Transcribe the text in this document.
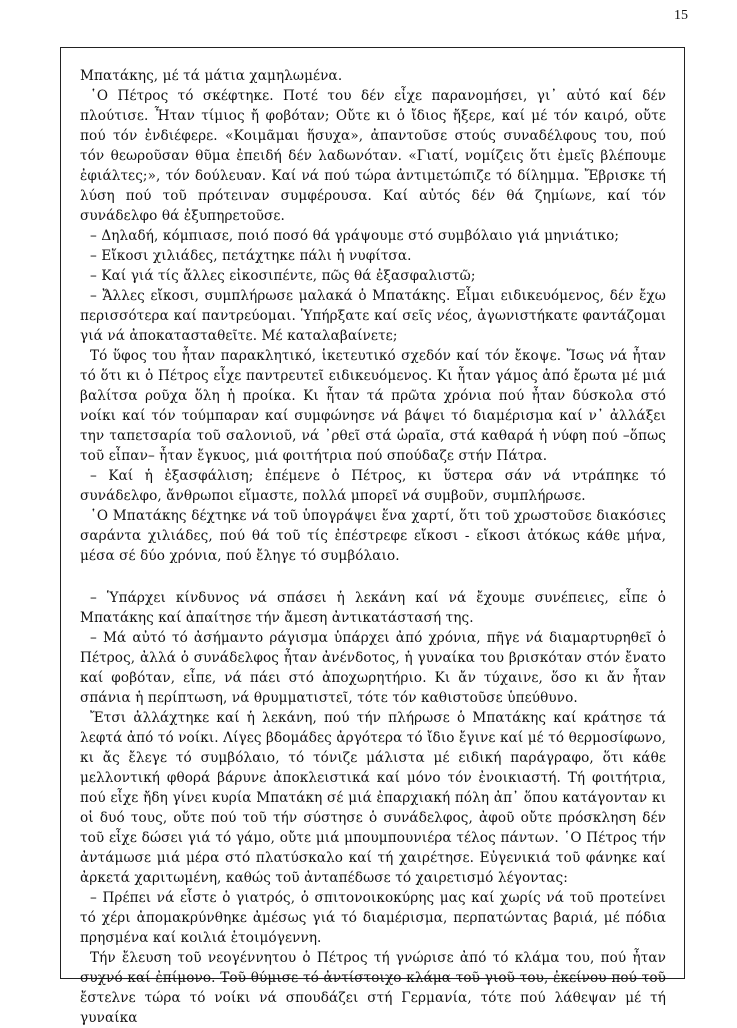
15

Μπατάκης, μέ τά μάτια χαμηλωμένα.

῾Ο Πέτρος τό σκέφτηκε. Ποτέ του δέν εἶχε παρανομήσει, γι᾿ αὐτό καί δέν πλούτισε. Ἦταν τίμιος ἤ φοβόταν; Οὔτε κι ὁ ἴδιος ἤξερε, καί μέ τόν καιρό, οὔτε πού τόν ἐνδιέφερε. «Κοιμᾶμαι ἥσυχα», ἀπαντοῦσε στούς συναδέλφους του, πού τόν θεωροῦσαν θῦμα ἐπειδή δέν λαδωνόταν. «Γιατί, νομίζεις ὅτι ἐμεῖς βλέπουμε ἐφιάλτες;», τόν δούλευαν. Καί νά πού τώρα ἀντιμετώπιζε τό δίλημμα. Ἔβρισκε τή λύση πού τοῦ πρότειναν συμφέρουσα. Καί αὐτός δέν θά ζημίωνε, καί τόν συνάδελφο θά ἐξυπηρετοῦσε.

– Δηλαδή, κόμπιασε, ποιό ποσό θά γράψουμε στό συμβόλαιο γιά μηνιάτικο;

– Εἴκοσι χιλιάδες, πετάχτηκε πάλι ἡ νυφίτσα.

– Καί γιά τίς ἄλλες εἰκοσιπέντε, πῶς θά ἐξασφαλιστῶ;

– Ἄλλες εἴκοσι, συμπλήρωσε μαλακά ὁ Μπατάκης. Εἶμαι ειδικευόμενος, δέν ἔχω περισσότερα καί παντρεύομαι. Ὑπήρξατε καί σεῖς νέος, ἀγωνιστήκατε φαντάζομαι γιά νά ἀποκατασταθεῖτε. Μέ καταλαβαίνετε;

Τό ὕφος του ἦταν παρακλητικό, ἱκετευτικό σχεδόν καί τόν ἔκοψε. Ἴσως νά ἦταν τό ὅτι κι ὁ Πέτρος εἶχε παντρευτεῖ ειδικευόμενος. Κι ἦταν γάμος ἀπό ἔρωτα μέ μιά βαλίτσα ροῦχα ὅλη ἡ προίκα. Κι ἦταν τά πρῶτα χρόνια πού ἦταν δύσκολα στό νοίκι καί τόν τούμπαραν καί συμφώνησε νά βάψει τό διαμέρισμα καί ν᾿ ἀλλάξει την ταπετσαρία τοῦ σαλονιοῦ, νά ᾿ρθεῖ στά ὡραῖα, στά καθαρά ἡ νύφη πού –ὅπως τοῦ εἶπαν– ἦταν ἔγκυος, μιά φοιτήτρια πού σπούδαζε στήν Πάτρα.

– Καί ἡ ἐξασφάλιση; ἐπέμενε ὁ Πέτρος, κι ὕστερα σάν νά ντράπηκε τό συνάδελφο, ἄνθρωποι εἴμαστε, πολλά μπορεῖ νά συμβοῦν, συμπλήρωσε.

῾Ο Μπατάκης δέχτηκε νά τοῦ ὑπογράψει ἕνα χαρτί, ὅτι τοῦ χρωστοῦσε διακόσιες σαράντα χιλιάδες, πού θά τοῦ τίς ἐπέστρεφε εἴκοσι - εἴκοσι ἀτόκως κάθε μήνα, μέσα σέ δύο χρόνια, πού ἔληγε τό συμβόλαιο.

– Ὑπάρχει κίνδυνος νά σπάσει ἡ λεκάνη καί νά ἔχουμε συνέπειες, εἶπε ὁ Μπατάκης καί ἀπαίτησε τήν ἄμεση ἀντικατάστασή της.

– Μά αὐτό τό ἀσήμαντο ράγισμα ὑπάρχει ἀπό χρόνια, πῆγε νά διαμαρτυρηθεῖ ὁ Πέτρος, ἀλλά ὁ συνάδελφος ἦταν ἀνένδοτος, ἡ γυναίκα του βρισκόταν στόν ἔνατο καί φοβόταν, εἶπε, νά πάει στό ἀποχωρητήριο. Κι ἄν τύχαινε, ὅσο κι ἄν ἦταν σπάνια ἡ περίπτωση, νά θρυμματιστεῖ, τότε τόν καθιστοῦσε ὑπεύθυνο.

Ἔτσι ἀλλάχτηκε καί ἡ λεκάνη, πού τήν πλήρωσε ὁ Μπατάκης καί κράτησε τά λεφτά ἀπό τό νοίκι. Λίγες βδομάδες ἀργότερα τό ἴδιο ἔγινε καί μέ τό θερμοσίφωνο, κι ἄς ἔλεγε τό συμβόλαιο, τό τόνιζε μάλιστα μέ ειδική παράγραφο, ὅτι κάθε μελλοντική φθορά βάρυνε ἀποκλειστικά καί μόνο τόν ἐνοικιαστή. Τή φοιτήτρια, πού εἶχε ἤδη γίνει κυρία Μπατάκη σέ μιά ἐπαρχιακή πόλη ἀπ᾿ ὅπου κατάγονταν κι οἱ δυό τους, οὔτε πού τοῦ τήν σύστησε ὁ συνάδελφος, ἀφοῦ οὔτε πρόσκληση δέν τοῦ εἶχε δώσει γιά τό γάμο, οὔτε μιά μπουμπουνιέρα τέλος πάντων. ῾Ο Πέτρος τήν ἀντάμωσε μιά μέρα στό πλατύσκαλο καί τή χαιρέτησε. Εὐγενικιά τοῦ φάνηκε καί ἀρκετά χαριτωμένη, καθώς τοῦ ἀνταπέδωσε τό χαιρετισμό λέγοντας:

– Πρέπει νά εἶστε ὁ γιατρός, ὁ σπιτονοικοκύρης μας καί χωρίς νά τοῦ προτείνει τό χέρι ἀπομακρύνθηκε ἀμέσως γιά τό διαμέρισμα, περπατώντας βαριά, μέ πόδια πρησμένα καί κοιλιά ἑτοιμόγεννη.

Τήν ἔλευση τοῦ νεογέννητου ὁ Πέτρος τή γνώρισε ἀπό τό κλάμα του, πού ἦταν συχνό καί ἐπίμονο. Τοῦ θύμισε τό ἀντίστοιχο κλάμα τοῦ γιοῦ του, ἐκείνου πού τοῦ ἔστελνε τώρα τό νοίκι νά σπουδάζει στή Γερμανία, τότε πού λάθεψαν μέ τή γυναίκα
